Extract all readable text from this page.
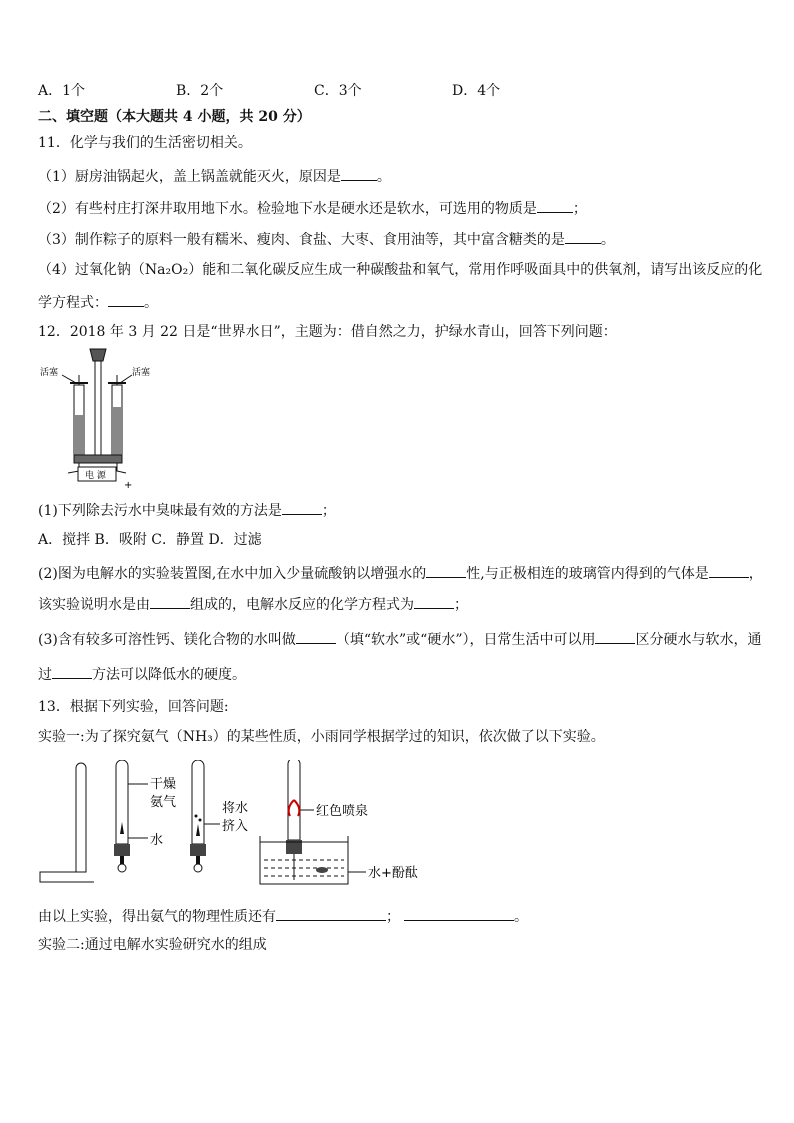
A．1个	B．2个	C．3个	D．4个
二、填空题（本大题共 4 小题，共 20 分）
11．化学与我们的生活密切相关。
（1）厨房油锅起火，盖上锅盖就能灭火，原因是	。
（2）有些村庄打深井取用地下水。检验地下水是硬水还是软水，可选用的物质是	；
（3）制作粽子的原料一般有糯米、瘦肉、食盐、大枣、食用油等，其中富含糖类的是	。
（4）过氧化钠（Na₂O₂）能和二氧化碳反应生成一种碳酸盐和氧气，常用作呼吸面具中的供氧剂，请写出该反应的化
学方程式：	。
12．2018 年 3 月 22 日是“世界水日”，主题为：借自然之力，护绿水青山，回答下列问题：
活塞	活塞
电 源
+
(1)下列除去污水中臭味最有效的方法是	；
A．搅拌 B．吸附 C．静置 D．过滤
(2)图为电解水的实验装置图,在水中加入少量硫酸钠以增强水的	性,与正极相连的玻璃管内得到的气体是	，
该实验说明水是由	组成的，电解水反应的化学方程式为	；
(3)含有较多可溶性钙、镁化合物的水叫做	（填“软水”或“硬水”），日常生活中可以用	区分硬水与软水，通
过	方法可以降低水的硬度。
13．根据下列实验，回答问题:
实验一:为了探究氨气（NH₃）的某些性质，小雨同学根据学过的知识，依次做了以下实验。
干燥
氨气
水
将水
挤入
红色喷泉
水+酚酞
由以上实验，得出氨气的物理性质还有	；	。
实验二:通过电解水实验研究水的组成
